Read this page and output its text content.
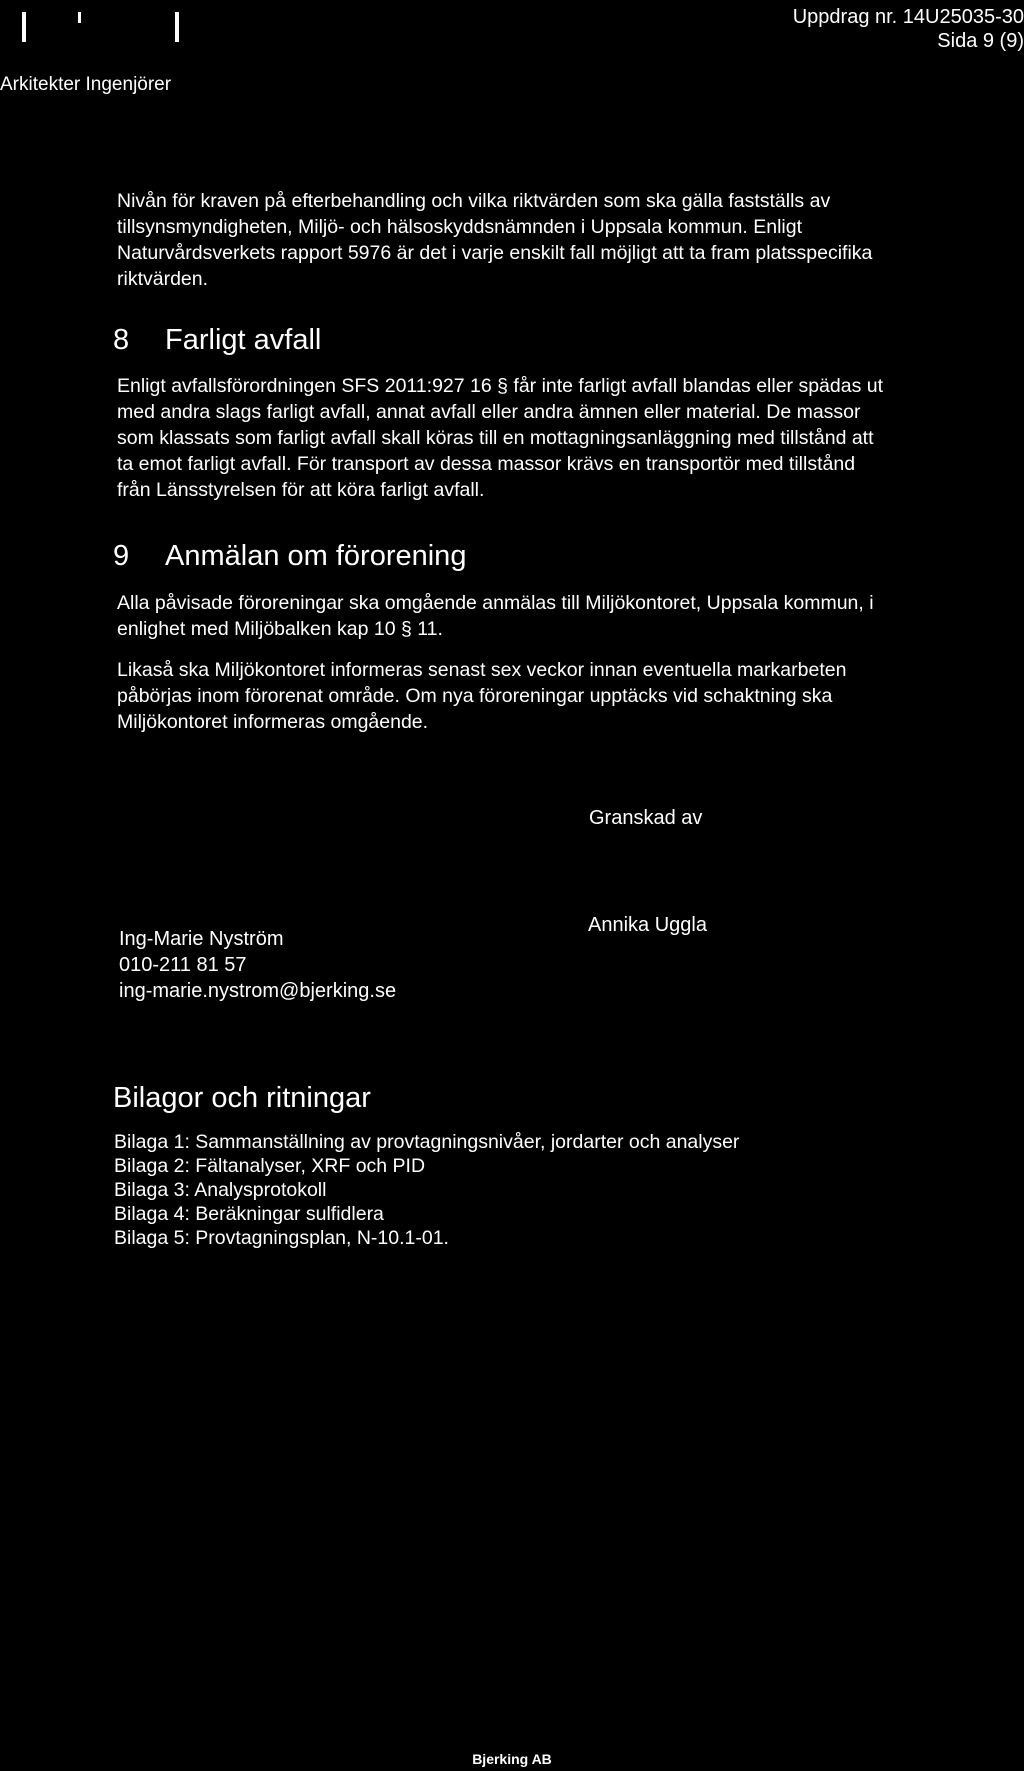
Arkitekter Ingenjörer
Uppdrag nr. 14U25035-30
Sida 9 (9)
Nivån för kraven på efterbehandling och vilka riktvärden som ska gälla fastställs av
tillsynsmyndigheten, Miljö- och hälsoskyddsnämnden i Uppsala kommun. Enligt
Naturvårdsverkets rapport 5976 är det i varje enskilt fall möjligt att ta fram platsspecifika
riktvärden.
8 Farligt avfall
Enligt avfallsförordningen SFS 2011:927 16 § får inte farligt avfall blandas eller spädas ut
med andra slags farligt avfall, annat avfall eller andra ämnen eller material. De massor
som klassats som farligt avfall skall köras till en mottagningsanläggning med tillstånd att
ta emot farligt avfall. För transport av dessa massor krävs en transportör med tillstånd
från Länsstyrelsen för att köra farligt avfall.
9 Anmälan om förorening
Alla påvisade föroreningar ska omgående anmälas till Miljökontoret, Uppsala kommun, i
enlighet med Miljöbalken kap 10 § 11.
Likaså ska Miljökontoret informeras senast sex veckor innan eventuella markarbeten
påbörjas inom förorenat område. Om nya föroreningar upptäcks vid schaktning ska
Miljökontoret informeras omgående.
Granskad av
Ing-Marie Nyström
010-211 81 57
ing-marie.nystrom@bjerking.se
Annika Uggla
Bilagor och ritningar
Bilaga 1: Sammanställning av provtagningsnivåer, jordarter och analyser
Bilaga 2: Fältanalyser, XRF och PID
Bilaga 3: Analysprotokoll
Bilaga 4: Beräkningar sulfidlera
Bilaga 5: Provtagningsplan, N-10.1-01.
Bjerking AB
